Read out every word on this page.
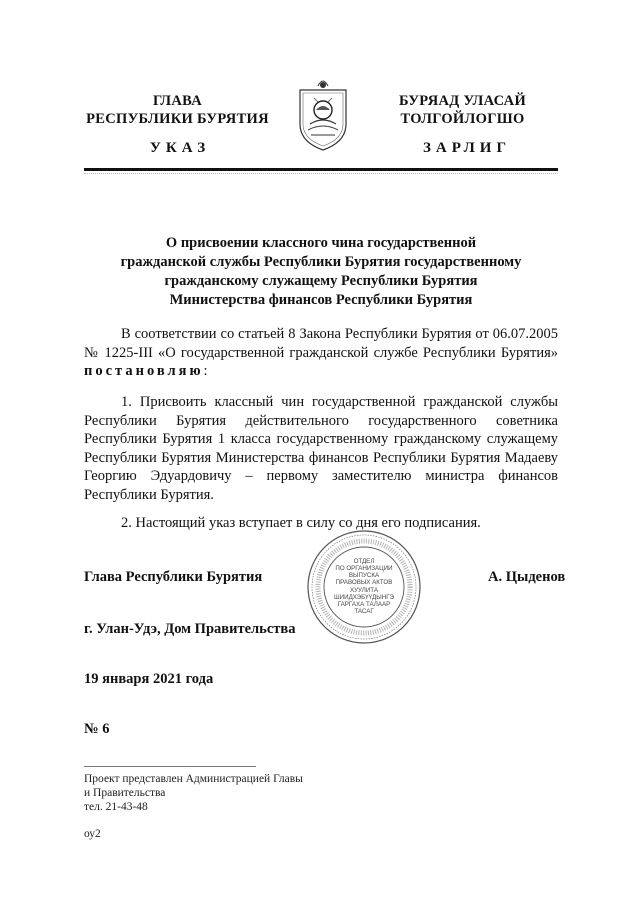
ГЛАВА
РЕСПУБЛИКИ БУРЯТИЯ
БУРЯАД УЛАСАЙ
ТОЛГОЙЛОГШО
УКАЗ	ЗАРЛИГ
О присвоении классного чина государственной
гражданской службы Республики Бурятия государственному
гражданскому служащему Республики Бурятия
Министерства финансов Республики Бурятия
В соответствии со статьей 8 Закона Республики Бурятия от 06.07.2005 № 1225-III «О государственной гражданской службе Республики Бурятия» постановляю:
1. Присвоить классный чин государственной гражданской службы Республики Бурятия действительного государственного советника Республики Бурятия 1 класса государственному гражданскому служащему Республики Бурятия Министерства финансов Республики Бурятия Мадаеву Георгию Эдуардовичу – первому заместителю министра финансов Республики Бурятия.
2. Настоящий указ вступает в силу со дня его подписания.
Глава Республики Бурятия	А. Цыденов
ОТДЕЛ
ПО ОРГАНИЗАЦИИ
ВЫПУСКА
ПРАВОВЫХ АКТОВ
ХУУЛИТА
ШИИДХЭБҮҮДЫНГЭ
ГАРГАХА ТАЛААР
ТАСАГ
г. Улан-Удэ, Дом Правительства
19 января 2021 года
№ 6
Проект представлен Администрацией Главы
и Правительства
тел. 21-43-48
оу2
